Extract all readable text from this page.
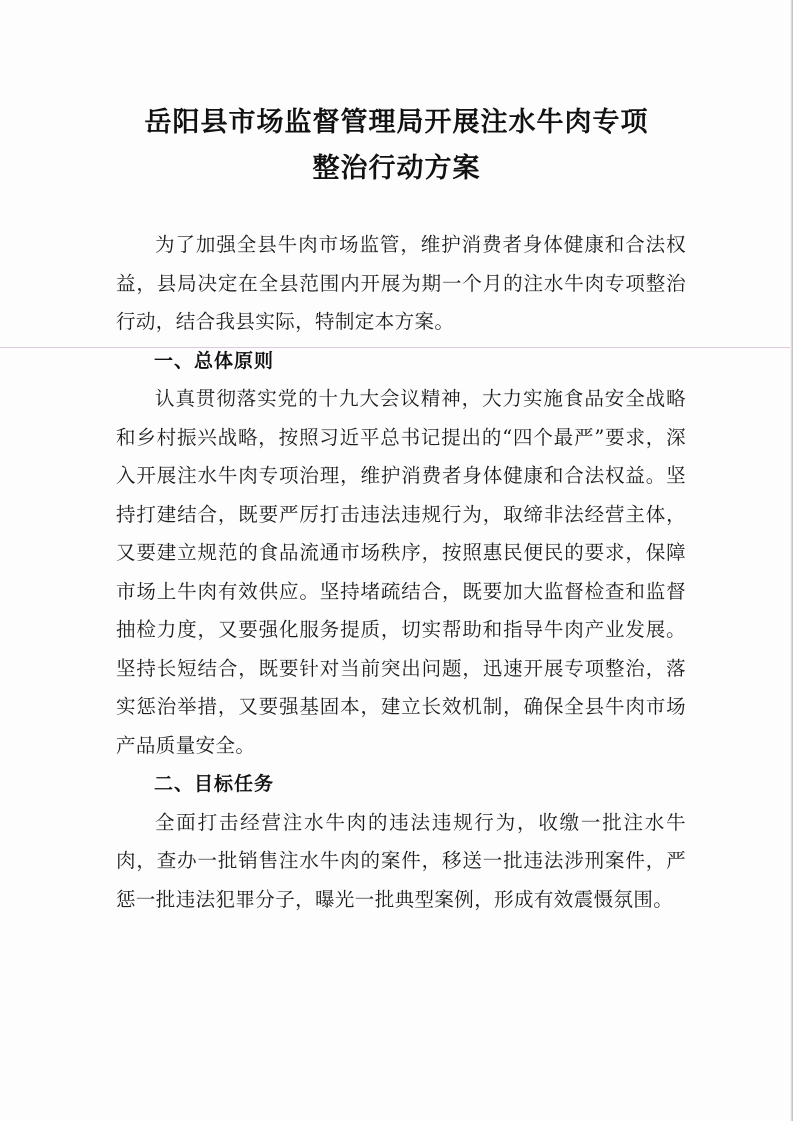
岳阳县市场监督管理局开展注水牛肉专项
整治行动方案

为了加强全县牛肉市场监管，维护消费者身体健康和合法权益，县局决定在全县范围内开展为期一个月的注水牛肉专项整治行动，结合我县实际，特制定本方案。

一、总体原则

认真贯彻落实党的十九大会议精神，大力实施食品安全战略和乡村振兴战略，按照习近平总书记提出的“四个最严”要求，深入开展注水牛肉专项治理，维护消费者身体健康和合法权益。坚持打建结合，既要严厉打击违法违规行为，取缔非法经营主体，又要建立规范的食品流通市场秩序，按照惠民便民的要求，保障市场上牛肉有效供应。坚持堵疏结合，既要加大监督检查和监督抽检力度，又要强化服务提质，切实帮助和指导牛肉产业发展。坚持长短结合，既要针对当前突出问题，迅速开展专项整治，落实惩治举措，又要强基固本，建立长效机制，确保全县牛肉市场产品质量安全。

二、目标任务

全面打击经营注水牛肉的违法违规行为，收缴一批注水牛肉，查办一批销售注水牛肉的案件，移送一批违法涉刑案件，严惩一批违法犯罪分子，曝光一批典型案例，形成有效震慑氛围。
